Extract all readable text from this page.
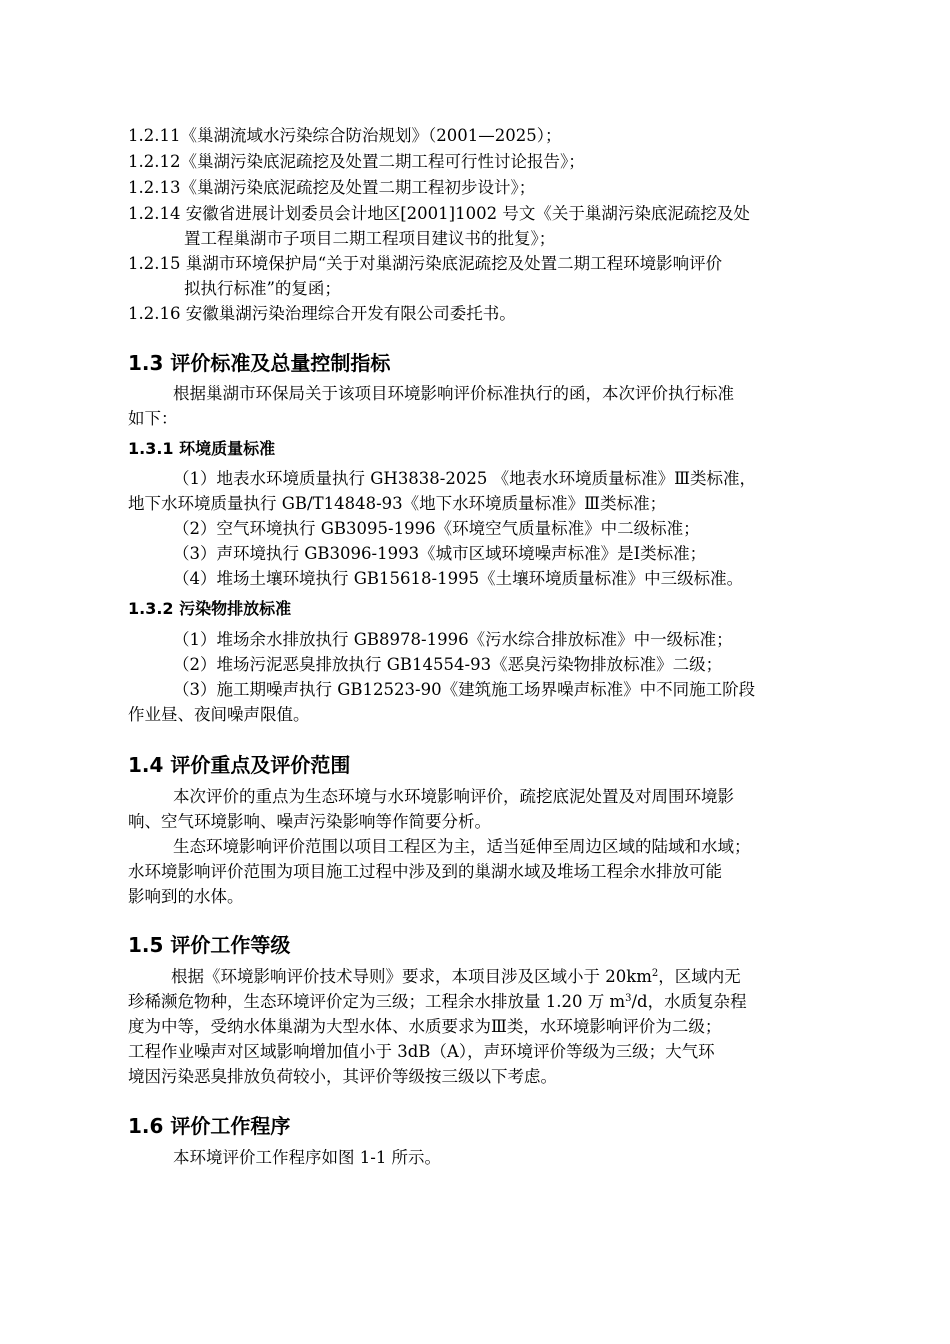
1.2.11《巢湖流域水污染综合防治规划》（2001—2025）；
1.2.12《巢湖污染底泥疏挖及处置二期工程可行性讨论报告》；
1.2.13《巢湖污染底泥疏挖及处置二期工程初步设计》；
1.2.14 安徽省进展计划委员会计地区[2001]1002 号文《关于巢湖污染底泥疏挖及处
置工程巢湖市子项目二期工程项目建议书的批复》；
1.2.15 巢湖市环境保护局“关于对巢湖污染底泥疏挖及处置二期工程环境影响评价
拟执行标准”的复函；
1.2.16 安徽巢湖污染治理综合开发有限公司委托书。
1.3 评价标准及总量控制指标
根据巢湖市环保局关于该项目环境影响评价标准执行的函，本次评价执行标准
如下：
1.3.1 环境质量标准
（1）地表水环境质量执行 GH3838-2025 《地表水环境质量标准》Ⅲ类标准，
地下水环境质量执行 GB/T14848-93《地下水环境质量标准》Ⅲ类标准；
（2）空气环境执行 GB3095-1996《环境空气质量标准》中二级标准；
（3）声环境执行 GB3096-1993《城市区域环境噪声标准》是Ⅰ类标准；
（4）堆场土壤环境执行 GB15618-1995《土壤环境质量标准》中三级标准。
1.3.2 污染物排放标准
（1）堆场余水排放执行 GB8978-1996《污水综合排放标准》中一级标准；
（2）堆场污泥恶臭排放执行 GB14554-93《恶臭污染物排放标准》二级；
（3）施工期噪声执行 GB12523-90《建筑施工场界噪声标准》中不同施工阶段
作业昼、夜间噪声限值。
1.4 评价重点及评价范围
本次评价的重点为生态环境与水环境影响评价，疏挖底泥处置及对周围环境影
响、空气环境影响、噪声污染影响等作简要分析。
生态环境影响评价范围以项目工程区为主，适当延伸至周边区域的陆域和水域；
水环境影响评价范围为项目施工过程中涉及到的巢湖水域及堆场工程余水排放可能
影响到的水体。
1.5 评价工作等级
根据《环境影响评价技术导则》要求，本项目涉及区域小于 $20km^2$，区域内无
珍稀濒危物种，生态环境评价定为三级；工程余水排放量 1.20 万 $m^3/d$，水质复杂程
度为中等，受纳水体巢湖为大型水体、水质要求为Ⅲ类，水环境影响评价为二级；
工程作业噪声对区域影响增加值小于 3dB（A），声环境评价等级为三级；大气环
境因污染恶臭排放负荷较小，其评价等级按三级以下考虑。
1.6 评价工作程序
本环境评价工作程序如图 1-1 所示。
